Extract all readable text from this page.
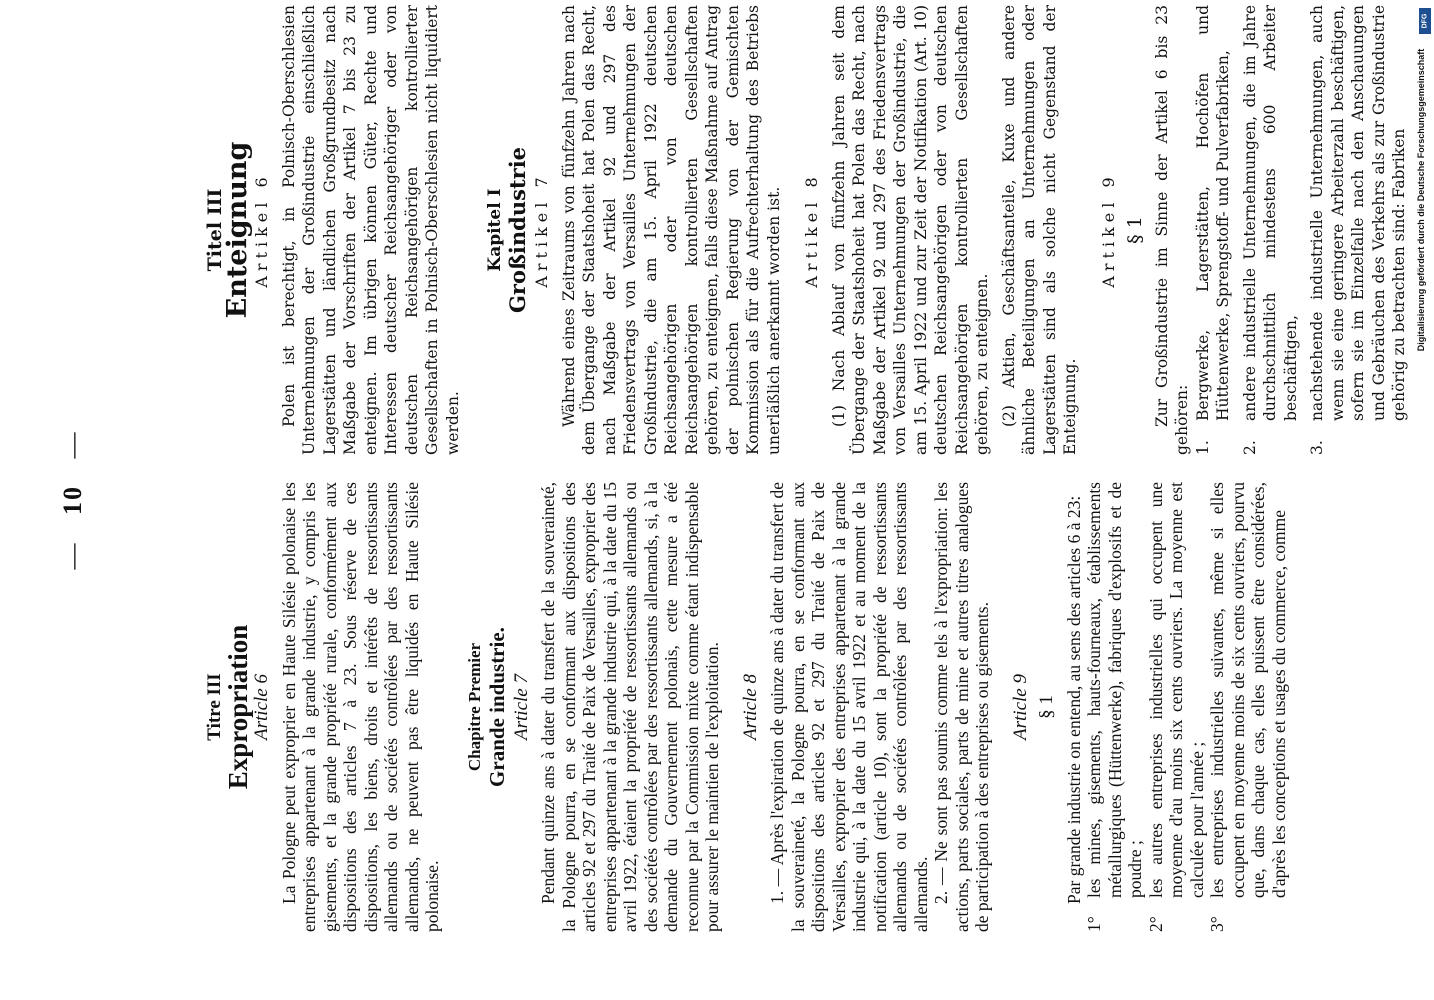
— 10 —

Titre III

Expropriation

Article 6 La Pologne peut exproprier en Haute Silésie polonaise les entreprises appartenant à la grande industrie, y compris les gisements, et la grande propriété rurale, conformément aux dispositions des articles 7 à 23. Sous réserve de ces dispositions, les biens, droits et intérêts de ressortissants allemands ou de sociétés contrôlées par des ressortissants allemands, ne peuvent pas être liquidés en Haute Silésie polonaise.

Chapitre Premier Grande industrie. Article 7 Pendant quinze ans à dater du transfert de la souveraineté, la Pologne pourra, en se conformant aux dispositions des articles 92 et 297 du Traité de Paix de Versailles, exproprier des entreprises appartenant à la grande industrie qui, à la date du 15 avril 1922, étaient la propriété de ressortissants allemands ou des sociétés contrôlées par des ressortissants allemands, si, à la demande du Gouvernement polonais, cette mesure a été reconnue par la Commission mixte comme étant indispensable pour assurer le maintien de l'exploitation. Article 8 1. — Après l'expiration de quinze ans à dater du transfert de la souveraineté, la Pologne pourra, en se conformant aux dispositions des articles 92 et 297 du Traité de Paix de Versailles, exproprier des entreprises appartenant à la grande industrie qui, à la date du 15 avril 1922 et au moment de la notification (article 10), sont la propriété de ressortissants allemands ou de sociétés contrôlées par des ressortissants allemands. 2. — Ne sont pas soumis comme tels à l'expropriation: les actions, parts sociales, parts de mine et autres titres analogues de participation à des entreprises ou gisements. Article 9 § 1 Par grande industrie on entend, au sens des articles 6 à 23:

1°
les mines, gisements, hauts-fourneaux, établissements métallurgiques (Hüttenwerke), fabriques d'explosifs et de poudre ;
2°
les autres entreprises industrielles qui occupent une moyenne d'au moins six cents ouvriers. La moyenne est calculée pour l'année ;
3°
les entreprises industrielles suivantes, même si elles occupent en moyenne moins de six cents ouvriers, pourvu que, dans chaque cas, elles puissent être considérées, d'après les conceptions et usages du commerce, comme

Titel III

Enteignung Artikel 6 Polen ist berechtigt, in Polnisch-Oberschlesien Unternehmungen der Großindustrie einschließlich Lagerstätten und ländlichen Großgrundbesitz nach Maßgabe der Vorschriften der Artikel 7 bis 23 zu enteignen. Im übrigen können Güter, Rechte und Interessen deutscher Reichsangehöriger oder von deutschen Reichsangehörigen kontrollierter Gesellschaften in Polnisch-Oberschlesien nicht liquidiert werden.

Kapitel I Großindustrie Artikel 7 Während eines Zeitraums von fünfzehn Jahren nach dem Übergange der Staatshoheit hat Polen das Recht, nach Maßgabe der Artikel 92 und 297 des Friedensvertrags von Versailles Unternehmungen der Großindustrie, die am 15. April 1922 deutschen Reichsangehörigen oder von deutschen Reichsangehörigen kontrollierten Gesellschaften gehören, zu enteignen, falls diese Maßnahme auf Antrag der polnischen Regierung von der Gemischten Kommission als für die Aufrechterhaltung des Betriebs unerläßlich anerkannt worden ist. Artikel 8 (1) Nach Ablauf von fünfzehn Jahren seit dem Übergange der Staatshoheit hat Polen das Recht, nach Maßgabe der Artikel 92 und 297 des Friedensvertrags von Versailles Unternehmungen der Großindustrie, die am 15. April 1922 und zur Zeit der Notifikation (Art. 10) deutschen Reichsangehörigen oder von deutschen Reichsangehörigen kontrollierten Gesellschaften gehören, zu enteignen. (2) Aktien, Geschäftsanteile, Kuxe und andere ähnliche Beteiligungen an Unternehmungen oder Lagerstätten sind als solche nicht Gegenstand der Enteignung.

Artikel 9 § 1 Zur Großindustrie im Sinne der Artikel 6 bis 23 gehören: 1.
Bergwerke, Lagerstätten, Hochöfen und Hüttenwerke, Sprengstoff- und Pulverfabriken,
2.
andere industrielle Unternehmungen, die im Jahre durchschnittlich mindestens 600 Arbeiter beschäftigen,
3.
nachstehende industrielle Unternehmungen, auch wenn sie eine geringere Arbeiterzahl beschäftigen, sofern sie im Einzelfalle nach den Anschauungen und Gebräuchen des Verkehrs als zur Großindustrie gehörig zu betrachten sind: Fabriken
DFG
Digitalisierung gefördert durch die Deutsche Forschungsgemeinschaft
